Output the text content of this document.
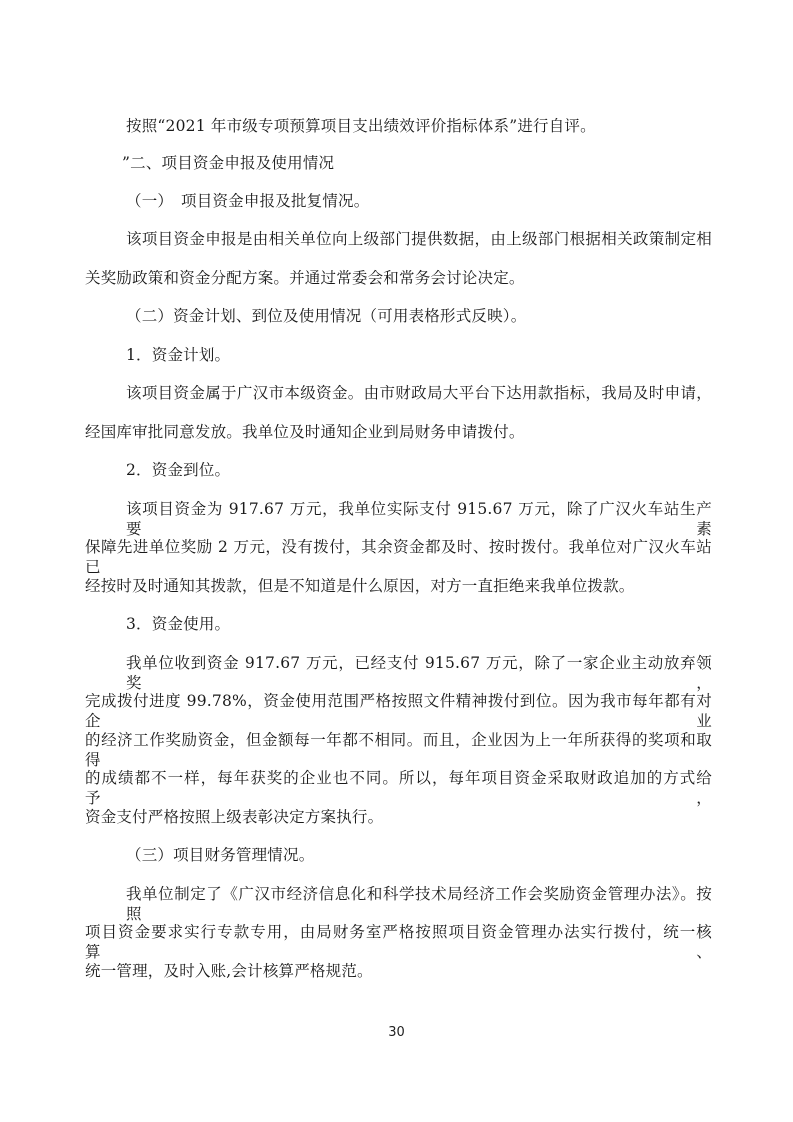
按照“2021 年市级专项预算项目支出绩效评价指标体系”进行自评。
”二、项目资金申报及使用情况
（一）　项目资金申报及批复情况。
该项目资金申报是由相关单位向上级部门提供数据，由上级部门根据相关政策制定相
关奖励政策和资金分配方案。并通过常委会和常务会讨论决定。
（二）资金计划、到位及使用情况（可用表格形式反映）。
1．资金计划。
该项目资金属于广汉市本级资金。由市财政局大平台下达用款指标，我局及时申请，
经国库审批同意发放。我单位及时通知企业到局财务申请拨付。
2．资金到位。
该项目资金为 917.67 万元，我单位实际支付 915.67 万元，除了广汉火车站生产要素
保障先进单位奖励 2 万元，没有拨付，其余资金都及时、按时拨付。我单位对广汉火车站已
经按时及时通知其拨款，但是不知道是什么原因，对方一直拒绝来我单位拨款。
3．资金使用。
我单位收到资金 917.67 万元，已经支付 915.67 万元，除了一家企业主动放弃领奖，
完成拨付进度 99.78%，资金使用范围严格按照文件精神拨付到位。因为我市每年都有对企业
的经济工作奖励资金，但金额每一年都不相同。而且，企业因为上一年所获得的奖项和取得
的成绩都不一样，每年获奖的企业也不同。所以，每年项目资金采取财政追加的方式给予，
资金支付严格按照上级表彰决定方案执行。
（三）项目财务管理情况。
我单位制定了《广汉市经济信息化和科学技术局经济工作会奖励资金管理办法》。按照
项目资金要求实行专款专用，由局财务室严格按照项目资金管理办法实行拨付，统一核算、
统一管理，及时入账,会计核算严格规范。
30
